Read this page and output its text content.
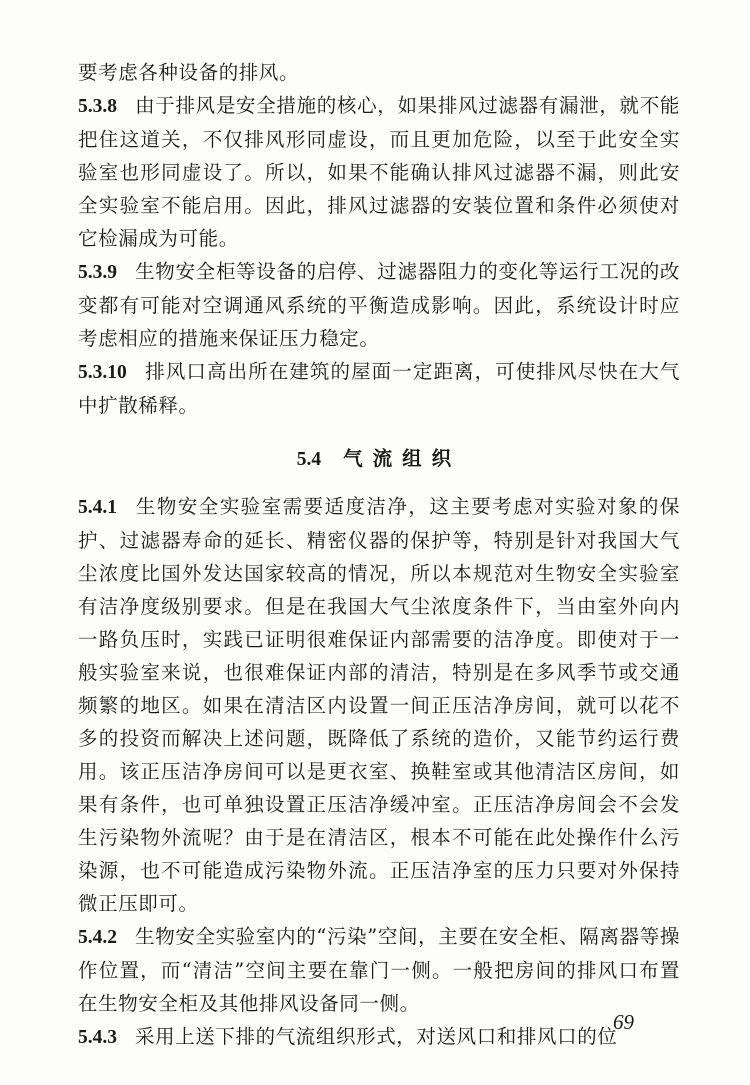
要考虑各种设备的排风。

5.3.8 由于排风是安全措施的核心，如果排风过滤器有漏泄，就不能把住这道关，不仅排风形同虚设，而且更加危险，以至于此安全实验室也形同虚设了。所以，如果不能确认排风过滤器不漏，则此安全实验室不能启用。因此，排风过滤器的安装位置和条件必须使对它检漏成为可能。

5.3.9 生物安全柜等设备的启停、过滤器阻力的变化等运行工况的改变都有可能对空调通风系统的平衡造成影响。因此，系统设计时应考虑相应的措施来保证压力稳定。

5.3.10 排风口高出所在建筑的屋面一定距离，可使排风尽快在大气中扩散稀释。

5.4 气流组织

5.4.1 生物安全实验室需要适度洁净，这主要考虑对实验对象的保护、过滤器寿命的延长、精密仪器的保护等，特别是针对我国大气尘浓度比国外发达国家较高的情况，所以本规范对生物安全实验室有洁净度级别要求。但是在我国大气尘浓度条件下，当由室外向内一路负压时，实践已证明很难保证内部需要的洁净度。即使对于一般实验室来说，也很难保证内部的清洁，特别是在多风季节或交通频繁的地区。如果在清洁区内设置一间正压洁净房间，就可以花不多的投资而解决上述问题，既降低了系统的造价，又能节约运行费用。该正压洁净房间可以是更衣室、换鞋室或其他清洁区房间，如果有条件，也可单独设置正压洁净缓冲室。正压洁净房间会不会发生污染物外流呢？由于是在清洁区，根本不可能在此处操作什么污染源，也不可能造成污染物外流。正压洁净室的压力只要对外保持微正压即可。

5.4.2 生物安全实验室内的“污染”空间，主要在安全柜、隔离器等操作位置，而“清洁”空间主要在靠门一侧。一般把房间的排风口布置在生物安全柜及其他排风设备同一侧。

5.4.3 采用上送下排的气流组织形式，对送风口和排风口的位

69
